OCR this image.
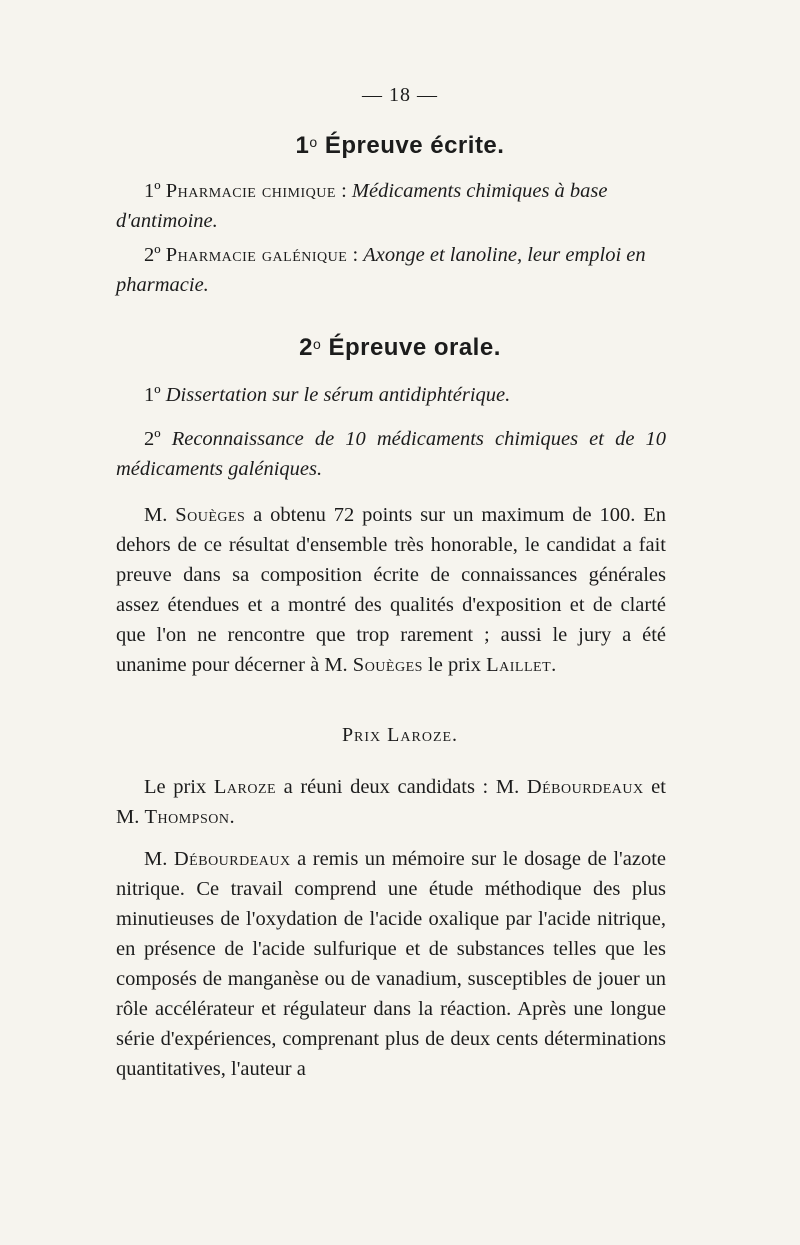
— 18 —
1$^o$ Épreuve écrite.

1º Pharmacie chimique : Médicaments chimiques à base d'antimoine.

2º Pharmacie galénique : Axonge et lanoline, leur emploi en pharmacie.

2$^o$ Épreuve orale.

1º Dissertation sur le sérum antidiphtérique.

2º Reconnaissance de 10 médicaments chimiques et de 10 médicaments galéniques.

M. Souèges a obtenu 72 points sur un maximum de 100. En dehors de ce résultat d'ensemble très honorable, le candidat a fait preuve dans sa composition écrite de connaissances générales assez étendues et a montré des qualités d'exposition et de clarté que l'on ne rencontre que trop rarement ; aussi le jury a été unanime pour décerner à M. Souèges le prix Laillet.

Prix Laroze.

Le prix Laroze a réuni deux candidats : M. Débourdeaux et M. Thompson.

M. Débourdeaux a remis un mémoire sur le dosage de l'azote nitrique. Ce travail comprend une étude méthodique des plus minutieuses de l'oxydation de l'acide oxalique par l'acide nitrique, en présence de l'acide sulfurique et de substances telles que les composés de manganèse ou de vanadium, susceptibles de jouer un rôle accélérateur et régulateur dans la réaction. Après une longue série d'expériences, comprenant plus de deux cents déterminations quantitatives, l'auteur a
